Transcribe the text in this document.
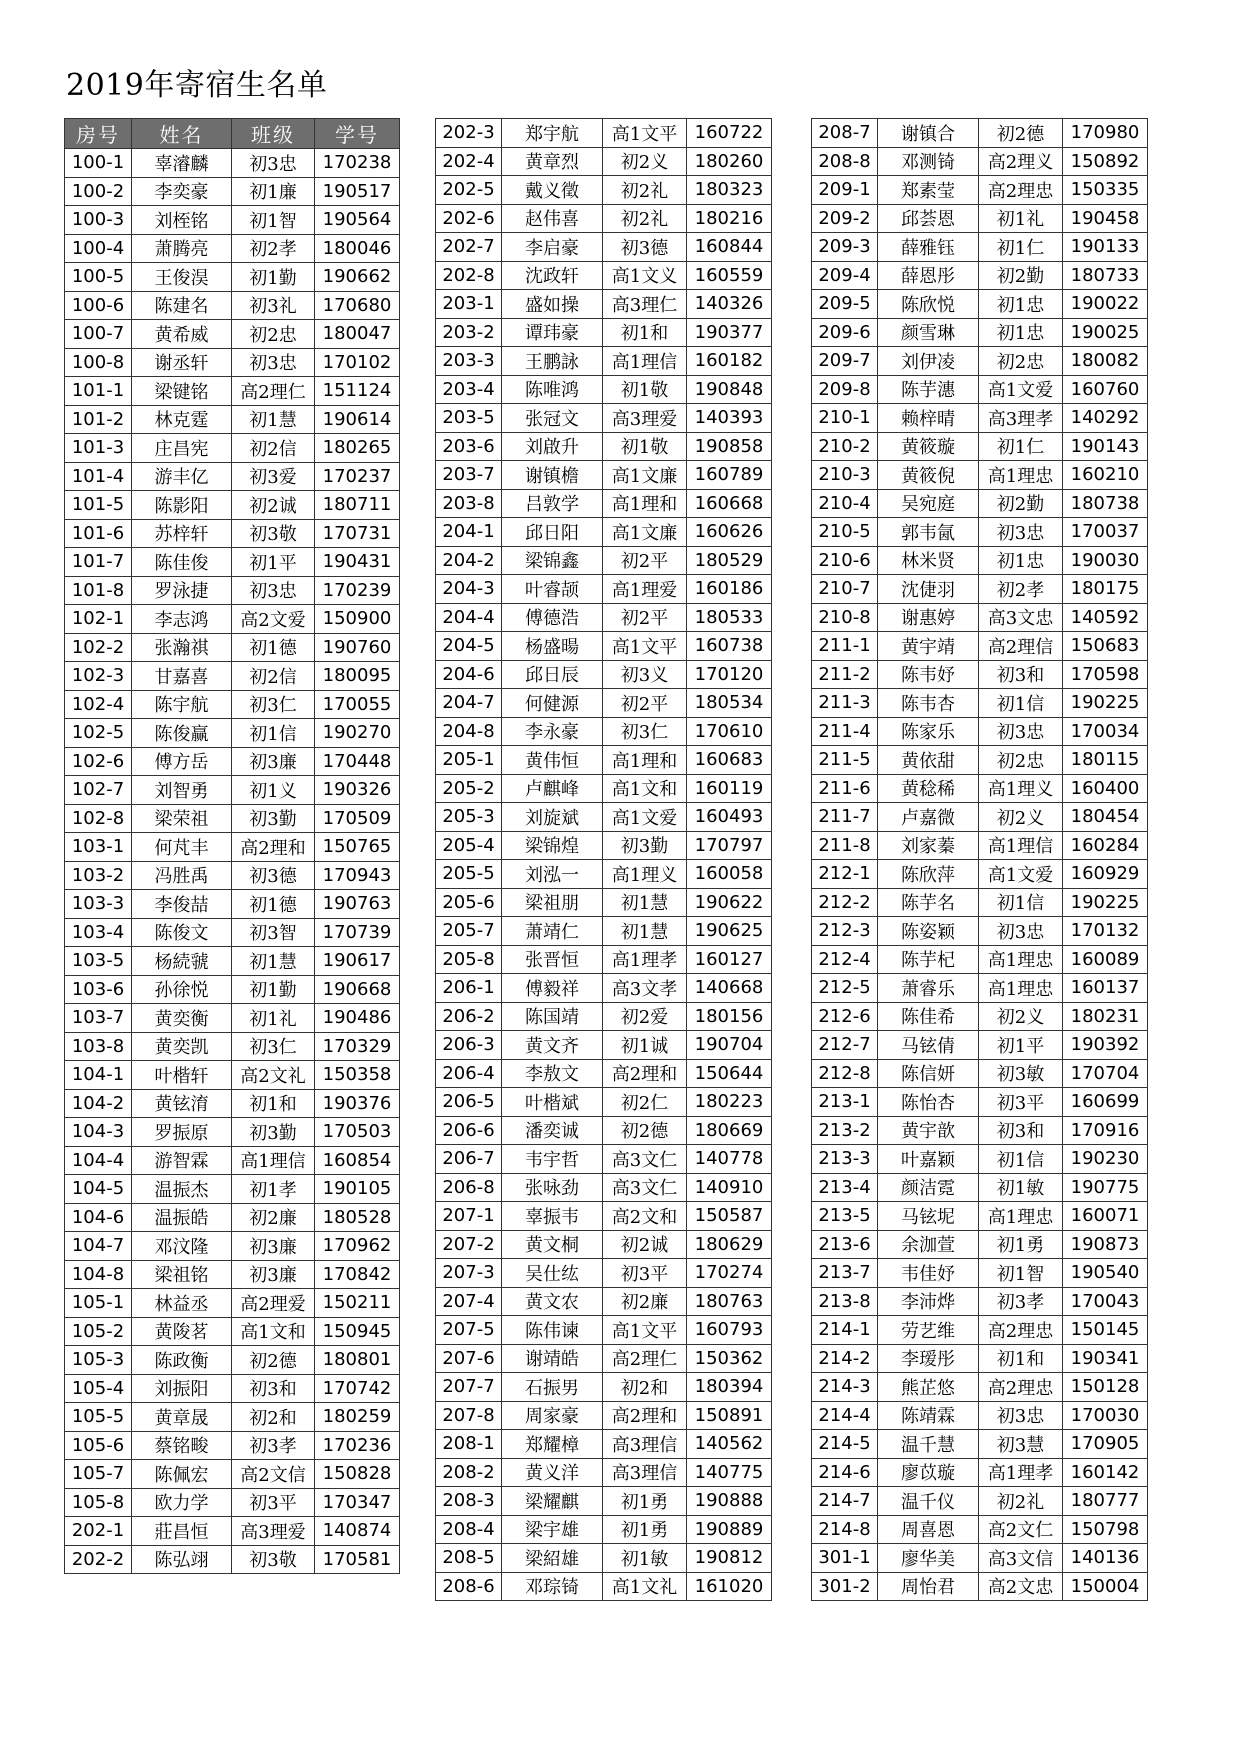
2019年寄宿生名单
房号	姓名	班级	学号
100-1	辜濬麟	初3忠	170238
100-2	李奕豪	初1廉	190517
100-3	刘桎铭	初1智	190564
100-4	萧腾亮	初2孝	180046
100-5	王俊淏	初1勤	190662
100-6	陈建名	初3礼	170680
100-7	黄希威	初2忠	180047
100-8	谢丞轩	初3忠	170102
101-1	梁键铭	高2理仁	151124
101-2	林克霆	初1慧	190614
101-3	庄昌宪	初2信	180265
101-4	游丰亿	初3爱	170237
101-5	陈影阳	初2诚	180711
101-6	苏梓轩	初3敬	170731
101-7	陈佳俊	初1平	190431
101-8	罗泳捷	初3忠	170239
102-1	李志鸿	高2文爱	150900
102-2	张瀚祺	初1德	190760
102-3	甘嘉喜	初2信	180095
102-4	陈宇航	初3仁	170055
102-5	陈俊赢	初1信	190270
102-6	傅方岳	初3廉	170448
102-7	刘智勇	初1义	190326
102-8	梁荣祖	初3勤	170509
103-1	何芃丰	高2理和	150765
103-2	冯胜禹	初3德	170943
103-3	李俊喆	初1德	190763
103-4	陈俊文	初3智	170739
103-5	杨続虢	初1慧	190617
103-6	孙徐悦	初1勤	190668
103-7	黄奕衡	初1礼	190486
103-8	黄奕凯	初3仁	170329
104-1	叶楷轩	高2文礼	150358
104-2	黄铉淯	初1和	190376
104-3	罗振原	初3勤	170503
104-4	游智霖	高1理信	160854
104-5	温振杰	初1孝	190105
104-6	温振皓	初2廉	180528
104-7	邓汶隆	初3廉	170962
104-8	梁祖铭	初3廉	170842
105-1	林益丞	高2理爱	150211
105-2	黄陖茗	高1文和	150945
105-3	陈政衡	初2德	180801
105-4	刘振阳	初3和	170742
105-5	黄章晟	初2和	180259
105-6	蔡铭畯	初3孝	170236
105-7	陈佩宏	高2文信	150828
105-8	欧力学	初3平	170347
202-1	莊昌恒	高3理爱	140874
202-2	陈弘翊	初3敬	170581
202-3	郑宇航	高1文平	160722
202-4	黄章烈	初2义	180260
202-5	戴义徵	初2礼	180323
202-6	赵伟喜	初2礼	180216
202-7	李启豪	初3德	160844
202-8	沈政轩	高1文义	160559
203-1	盛如操	高3理仁	140326
203-2	谭玮豪	初1和	190377
203-3	王鹏詠	高1理信	160182
203-4	陈唯鸿	初1敬	190848
203-5	张冠文	高3理爱	140393
203-6	刘啟升	初1敬	190858
203-7	谢镇檐	高1文廉	160789
203-8	吕敦学	高1理和	160668
204-1	邱日阳	高1文廉	160626
204-2	梁锦鑫	初2平	180529
204-3	叶睿颉	高1理爱	160186
204-4	傅德浩	初2平	180533
204-5	杨盛暘	高1文平	160738
204-6	邱日辰	初3义	170120
204-7	何健源	初2平	180534
204-8	李永豪	初3仁	170610
205-1	黄伟恒	高1理和	160683
205-2	卢麒峰	高1文和	160119
205-3	刘旋斌	高1文爱	160493
205-4	梁锦煌	初3勤	170797
205-5	刘泓一	高1理义	160058
205-6	梁祖朋	初1慧	190622
205-7	萧靖仁	初1慧	190625
205-8	张晋恒	高1理孝	160127
206-1	傅毅祥	高3文孝	140668
206-2	陈国靖	初2爱	180156
206-3	黄文齐	初1诚	190704
206-4	李敖文	高2理和	150644
206-5	叶楷斌	初2仁	180223
206-6	潘奕诚	初2德	180669
206-7	韦宇哲	高3文仁	140778
206-8	张咏劲	高3文仁	140910
207-1	辜振韦	高2文和	150587
207-2	黄文桐	初2诚	180629
207-3	吴仕纮	初3平	170274
207-4	黄文农	初2廉	180763
207-5	陈伟谏	高1文平	160793
207-6	谢靖皓	高2理仁	150362
207-7	石振男	初2和	180394
207-8	周家豪	高2理和	150891
208-1	郑耀樟	高3理信	140562
208-2	黄义洋	高3理信	140775
208-3	梁耀麒	初1勇	190888
208-4	梁宇雄	初1勇	190889
208-5	梁紹雄	初1敏	190812
208-6	邓琮锜	高1文礼	161020
208-7	谢镇合	初2德	170980
208-8	邓测锜	高2理义	150892
209-1	郑素莹	高2理忠	150335
209-2	邱荟恩	初1礼	190458
209-3	薛雅钰	初1仁	190133
209-4	薛恩彤	初2勤	180733
209-5	陈欣悦	初1忠	190022
209-6	颜雪琳	初1忠	190025
209-7	刘伊凌	初2忠	180082
209-8	陈芋潓	高1文爱	160760
210-1	赖梓晴	高3理孝	140292
210-2	黄筱璇	初1仁	190143
210-3	黄筱倪	高1理忠	160210
210-4	吴宛庭	初2勤	180738
210-5	郭韦氤	初3忠	170037
210-6	林米贤	初1忠	190030
210-7	沈倢羽	初2孝	180175
210-8	谢惠婷	高3文忠	140592
211-1	黄宇靖	高2理信	150683
211-2	陈韦妤	初3和	170598
211-3	陈韦杏	初1信	190225
211-4	陈家乐	初3忠	170034
211-5	黄依甜	初2忠	180115
211-6	黄稔稀	高1理义	160400
211-7	卢嘉微	初2义	180454
211-8	刘家蓁	高1理信	160284
212-1	陈欣萍	高1文爱	160929
212-2	陈芋名	初1信	190225
212-3	陈姿颖	初3忠	170132
212-4	陈芋杞	高1理忠	160089
212-5	萧睿乐	高1理忠	160137
212-6	陈佳希	初2义	180231
212-7	马铉倩	初1平	190392
212-8	陈信妍	初3敏	170704
213-1	陈怡杏	初3平	160699
213-2	黄宇歆	初3和	170916
213-3	叶嘉颖	初1信	190230
213-4	颜洁霓	初1敏	190775
213-5	马铉坭	高1理忠	160071
213-6	余泇萱	初1勇	190873
213-7	韦佳妤	初1智	190540
213-8	李沛烨	初3孝	170043
214-1	劳艺维	高2理忠	150145
214-2	李瑷彤	初1和	190341
214-3	熊芷悠	高2理忠	150128
214-4	陈靖霖	初3忠	170030
214-5	温千慧	初3慧	170905
214-6	廖苡璇	高1理孝	160142
214-7	温千仪	初2礼	180777
214-8	周喜恩	高2文仁	150798
301-1	廖华美	高3文信	140136
301-2	周怡君	高2文忠	150004
